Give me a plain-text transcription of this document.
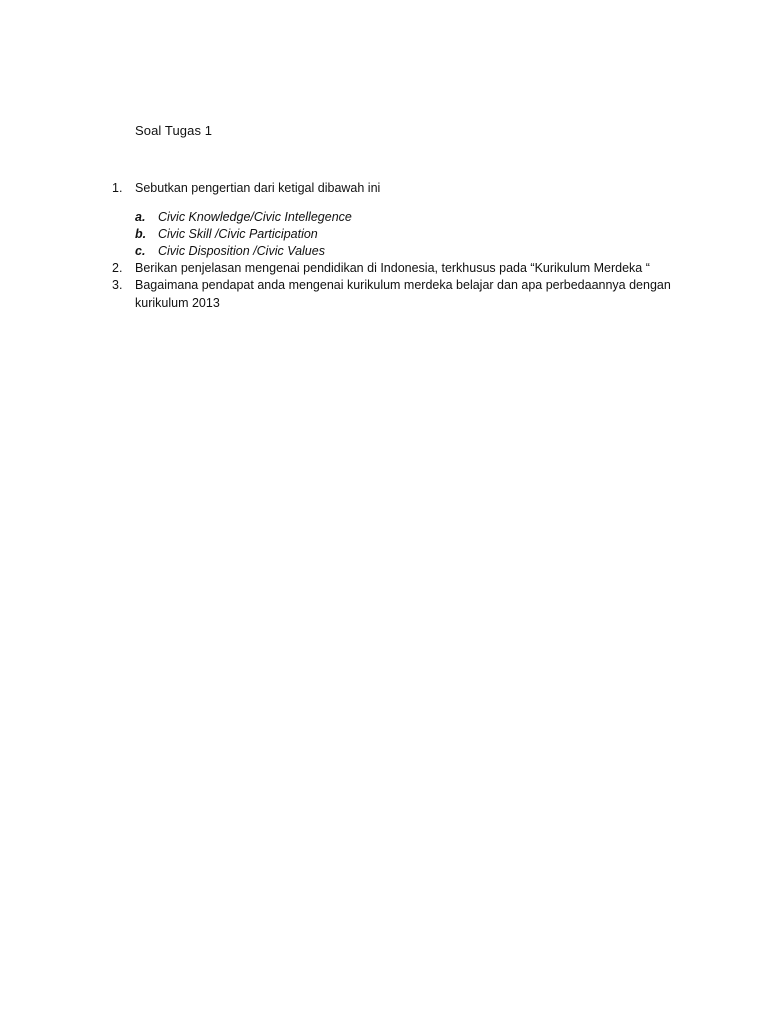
Soal Tugas 1
1. Sebutkan pengertian dari ketigal dibawah ini
a. Civic Knowledge/Civic Intellegence
b. Civic Skill /Civic Participation
c. Civic Disposition /Civic Values
2. Berikan penjelasan mengenai pendidikan di Indonesia, terkhusus pada “Kurikulum Merdeka “
3. Bagaimana pendapat anda mengenai kurikulum merdeka belajar dan apa perbedaannya dengan kurikulum 2013
